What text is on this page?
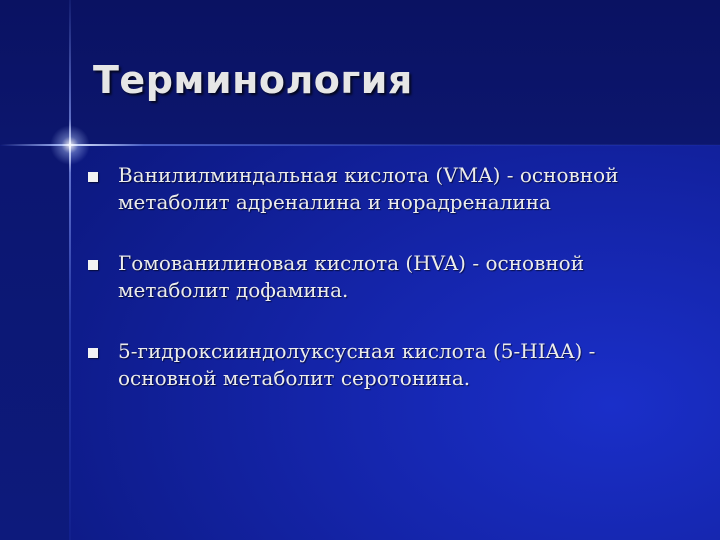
Терминология
Ванилилминдальная кислота (VMA) - основной метаболит адреналина и норадреналина
Гомованилиновая кислота (HVA) - основной метаболит дофамина.
5-гидроксииндолуксусная кислота (5-HIAA) - основной метаболит серотонина.
